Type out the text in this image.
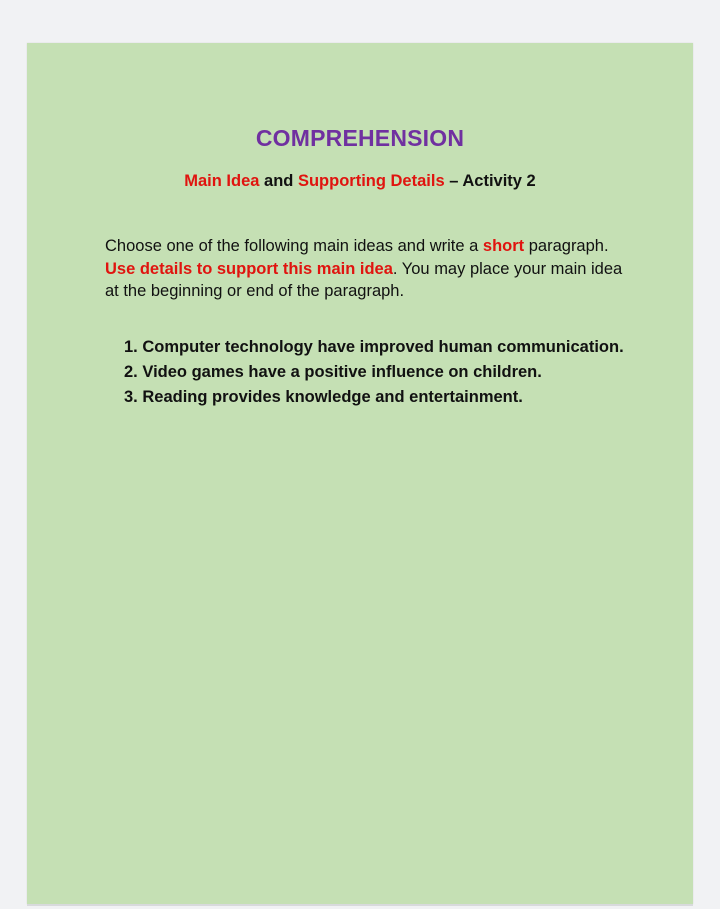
COMPREHENSION
Main Idea and Supporting Details – Activity 2
Choose one of the following main ideas and write a short paragraph. Use details to support this main idea. You may place your main idea at the beginning or end of the paragraph.
1. Computer technology have improved human communication.
2. Video games have a positive influence on children.
3. Reading provides knowledge and entertainment.
